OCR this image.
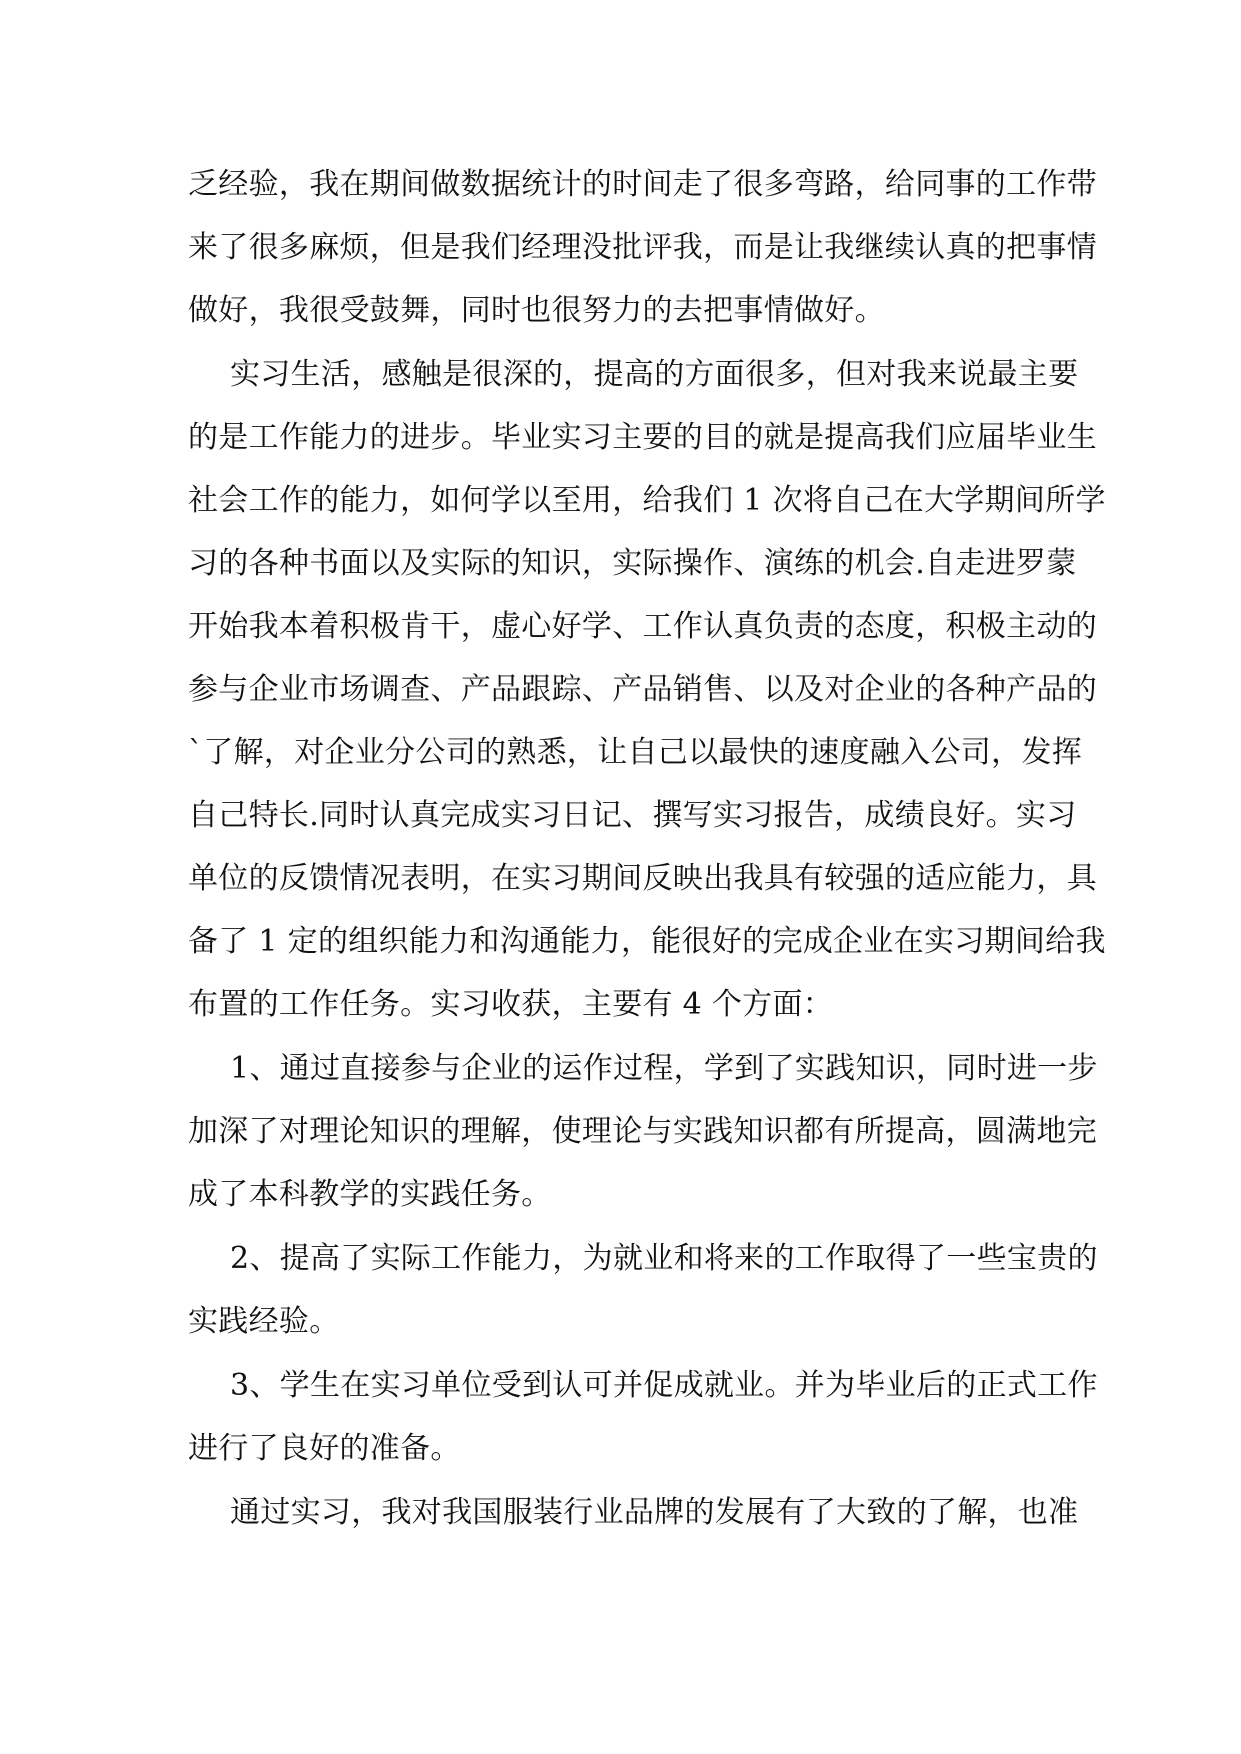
乏经验，我在期间做数据统计的时间走了很多弯路，给同事的工作带
来了很多麻烦，但是我们经理没批评我，而是让我继续认真的把事情
做好，我很受鼓舞，同时也很努力的去把事情做好。
实习生活，感触是很深的，提高的方面很多，但对我来说最主要
的是工作能力的进步。毕业实习主要的目的就是提高我们应届毕业生
社会工作的能力，如何学以至用，给我们 1 次将自己在大学期间所学
习的各种书面以及实际的知识，实际操作、演练的机会.自走进罗蒙
开始我本着积极肯干，虚心好学、工作认真负责的态度，积极主动的
参与企业市场调查、产品跟踪、产品销售、以及对企业的各种产品的
`了解，对企业分公司的熟悉，让自己以最快的速度融入公司，发挥
自己特长.同时认真完成实习日记、撰写实习报告，成绩良好。实习
单位的反馈情况表明，在实习期间反映出我具有较强的适应能力，具
备了 1 定的组织能力和沟通能力，能很好的完成企业在实习期间给我
布置的工作任务。实习收获，主要有 4 个方面：
1、通过直接参与企业的运作过程，学到了实践知识，同时进一步
加深了对理论知识的理解，使理论与实践知识都有所提高，圆满地完
成了本科教学的实践任务。
2、提高了实际工作能力，为就业和将来的工作取得了一些宝贵的
实践经验。
3、学生在实习单位受到认可并促成就业。并为毕业后的正式工作
进行了良好的准备。
通过实习，我对我国服装行业品牌的发展有了大致的了解，也准
